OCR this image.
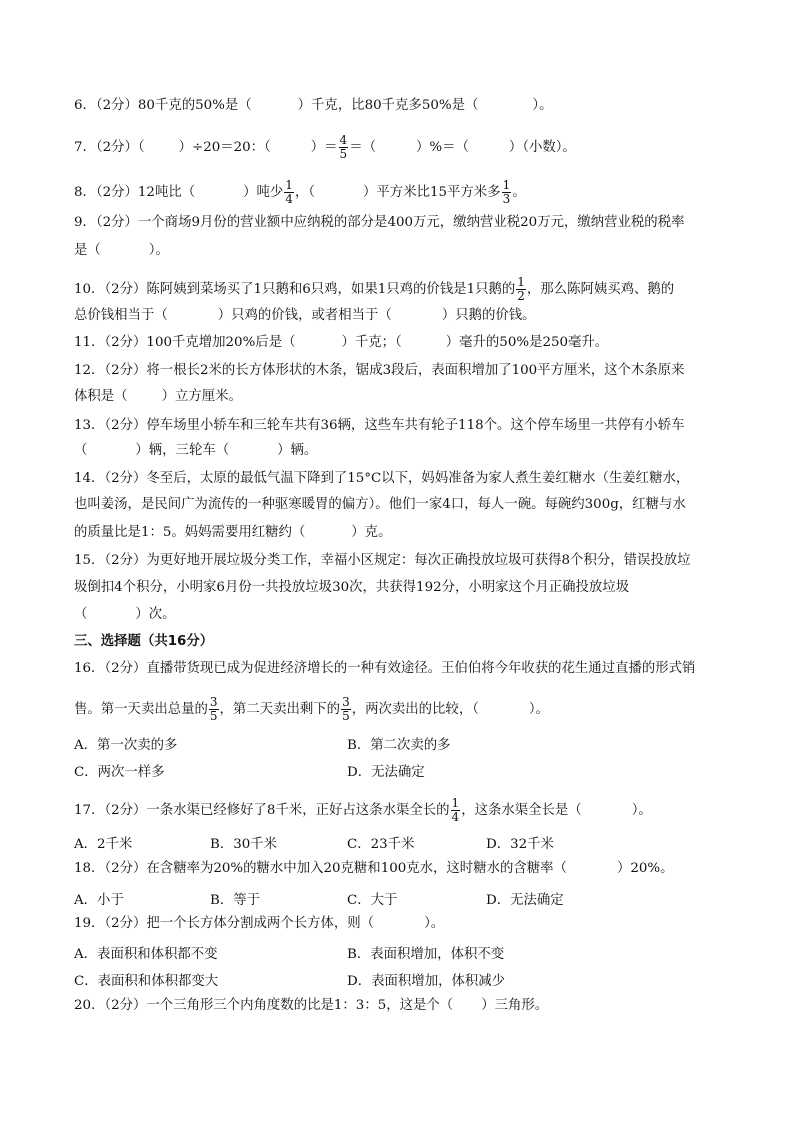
6．（2分）80千克的50%是（	）千克，比80千克多50%是（	）。
7．（2分）（	）÷20＝20：（	）＝ $\frac{4}{5}$ ＝（	）%＝（	）（小数）。
8．（2分）12吨比（	）吨少 $\frac{1}{4}$ ，（	）平方米比15平方米多 $\frac{1}{3}$ 。
9．（2分）一个商场9月份的营业额中应纳税的部分是400万元，缴纳营业税20万元，缴纳营业税的税率
是（	）。
10．（2分）陈阿姨到菜场买了1只鹅和6只鸡，如果1只鸡的价钱是1只鹅的 $\frac{1}{2}$ ，那么陈阿姨买鸡、鹅的
总价钱相当于（	）只鸡的价钱，或者相当于（	）只鹅的价钱。
11．（2分）100千克增加20%后是（	）千克；（	）毫升的50%是250毫升。
12．（2分）将一根长2米的长方体形状的木条，锯成3段后，表面积增加了100平方厘米，这个木条原来
体积是（	）立方厘米。
13．（2分）停车场里小轿车和三轮车共有36辆，这些车共有轮子118个。这个停车场里一共停有小轿车
（	）辆，三轮车（	）辆。
14．（2分）冬至后，太原的最低气温下降到了15°C以下，妈妈准备为家人煮生姜红糖水（生姜红糖水，
也叫姜汤，是民间广为流传的一种驱寒暖胃的偏方）。他们一家4口，每人一碗。每碗约300g，红糖与水
的质量比是1：5。妈妈需要用红糖约（	）克。
15．（2分）为更好地开展垃圾分类工作，幸福小区规定：每次正确投放垃圾可获得8个积分，错误投放垃
圾倒扣4个积分，小明家6月份一共投放垃圾30次，共获得192分，小明家这个月正确投放垃圾
（	）次。
三、选择题（共16分）
16．（2分）直播带货现已成为促进经济增长的一种有效途径。王伯伯将今年收获的花生通过直播的形式销
售。第一天卖出总量的 $\frac{3}{5}$ ，第二天卖出剩下的 $\frac{3}{5}$ ，两次卖出的比较，（	）。
A．第一次卖的多	B．第二次卖的多
C．两次一样多	D．无法确定
17．（2分）一条水渠已经修好了8千米，正好占这条水渠全长的 $\frac{1}{4}$ ，这条水渠全长是（	）。
A．2千米	B．30千米	C．23千米	D．32千米
18．（2分）在含糖率为20%的糖水中加入20克糖和100克水，这时糖水的含糖率（	）20%。
A．小于	B．等于	C．大于	D．无法确定
19．（2分）把一个长方体分割成两个长方体，则（	）。
A．表面积和体积都不变	B．表面积增加，体积不变
C．表面积和体积都变大	D．表面积增加，体积减少
20．（2分）一个三角形三个内角度数的比是1：3：5，这是个（ ）三角形。
